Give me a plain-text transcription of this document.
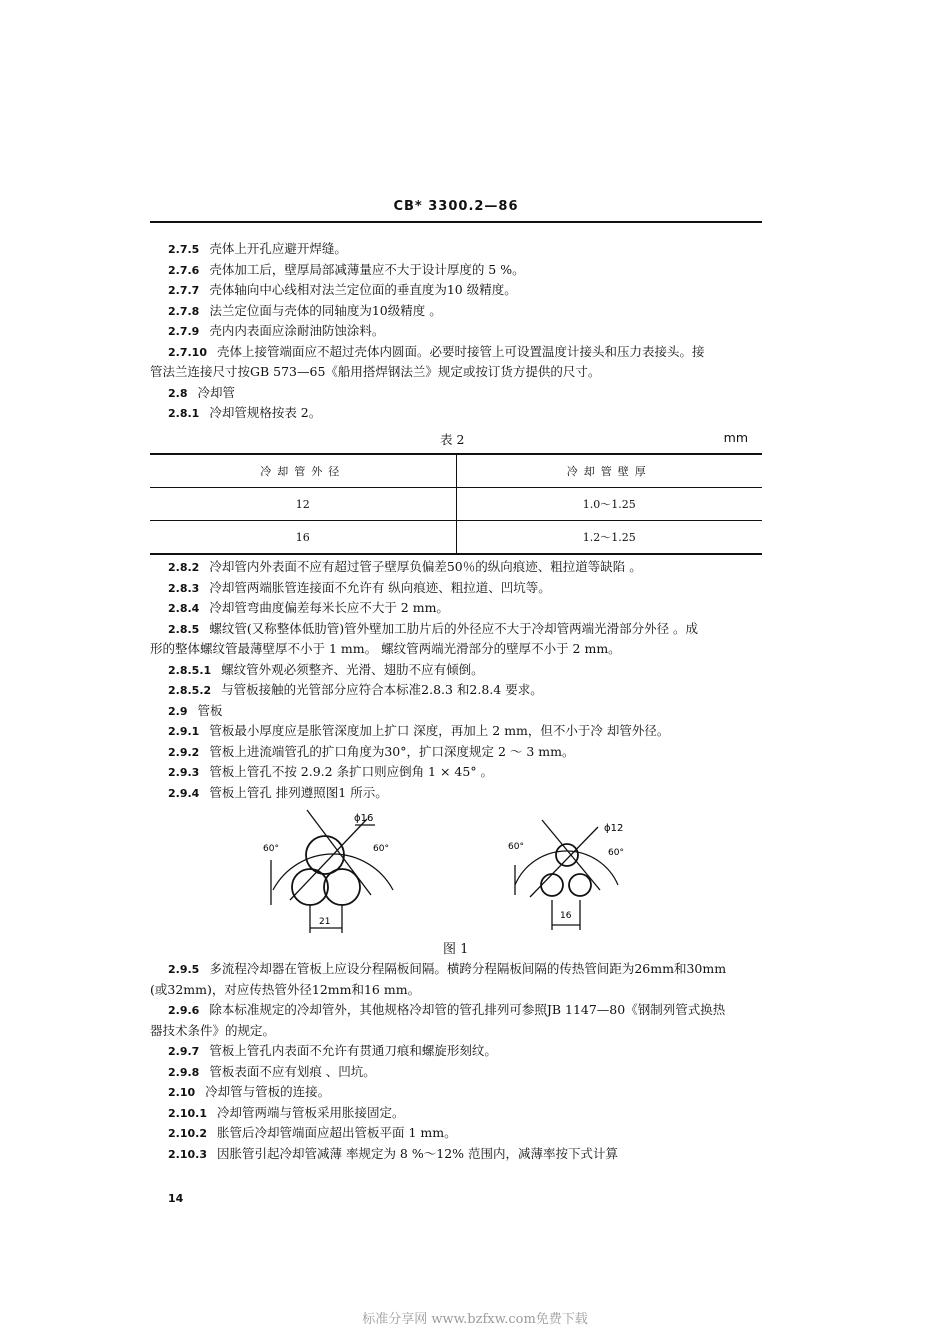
CB* 3300.2—86
表 2	mm
冷却管外径	冷却管壁厚
12	1.0～1.25
16	1.2～1.25
ϕ16
60°	60°
21
ϕ12
60°
60°
16
图 1
14
标准分享网 www.bzfxw.com免费下载
2.7.5 壳体上开孔应避开焊缝。
2.7.6 壳体加工后，壁厚局部减薄量应不大于设计厚度的 5 %。
2.7.7 壳体轴向中心线相对法兰定位面的垂直度为10 级精度。
2.7.8 法兰定位面与壳体的同轴度为10级精度 。
2.7.9 壳内内表面应涂耐油防蚀涂料。
2.7.10 壳体上接管端面应不超过壳体内圆面。必要时接管上可设置温度计接头和压力表接头。接
管法兰连接尺寸按GB 573—65《船用搭焊钢法兰》规定或按订货方提供的尺寸。
2.8 冷却管
2.8.1 冷却管规格按表 2。
2.8.2 冷却管内外表面不应有超过管子壁厚负偏差50％的纵向痕迹、粗拉道等缺陷 。
2.8.3 冷却管两端胀管连接面不允许有 纵向痕迹、粗拉道、凹坑等。
2.8.4 冷却管弯曲度偏差每米长应不大于 2 mm。
2.8.5 螺纹管(又称整体低肋管)管外壁加工肋片后的外径应不大于冷却管两端光滑部分外径 。成
形的整体螺纹管最薄壁厚不小于 1 mm。 螺纹管两端光滑部分的壁厚不小于 2 mm。
2.8.5.1 螺纹管外观必须整齐、光滑、翅肋不应有倾倒。
2.8.5.2 与管板接触的光管部分应符合本标准2.8.3 和2.8.4 要求。
2.9 管板
2.9.1 管板最小厚度应是胀管深度加上扩口 深度，再加上 2 mm，但不小于冷 却管外径。
2.9.2 管板上进流端管孔的扩口角度为30°，扩口深度规定 2 ～ 3 mm。
2.9.3 管板上管孔不按 2.9.2 条扩口则应倒角 1 × 45° 。
2.9.4 管板上管孔 排列遵照图1 所示。
2.9.5 多流程冷却器在管板上应设分程隔板间隔。横跨分程隔板间隔的传热管间距为26mm和30mm
(或32mm)，对应传热管外径12mm和16 mm。
2.9.6 除本标准规定的冷却管外，其他规格冷却管的管孔排列可参照JB 1147—80《钢制列管式换热
器技术条件》的规定。
2.9.7 管板上管孔内表面不允许有贯通刀痕和螺旋形刻纹。
2.9.8 管板表面不应有划痕 、凹坑。
2.10 冷却管与管板的连接。
2.10.1 冷却管两端与管板采用胀接固定。
2.10.2 胀管后冷却管端面应超出管板平面 1 mm。
2.10.3 因胀管引起冷却管减薄 率规定为 8 %～12% 范围内，减薄率按下式计算
